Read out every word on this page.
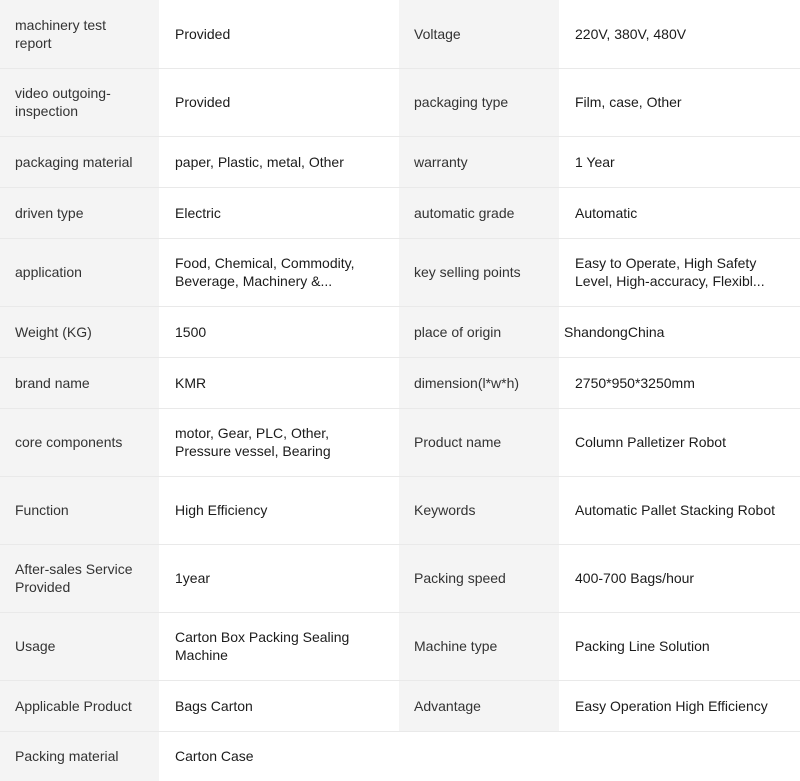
machinery test report	Provided	Voltage	220V, 380V, 480V

video outgoing-inspection	Provided	packaging type	Film, case, Other

packaging material	paper, Plastic, metal, Other	warranty	1 Year

driven type	Electric	automatic grade	Automatic

application	Food, Chemical, Commodity, Beverage, Machinery &...	key selling points	Easy to Operate, High Safety Level, High-accuracy, Flexibl...

Weight (KG)	1500	place of origin	ShandongChina

brand name	KMR	dimension(l*w*h)	2750*950*3250mm

core components	motor, Gear, PLC, Other, Pressure vessel, Bearing	Product name	Column Palletizer Robot

Function	High Efficiency	Keywords	Automatic Pallet Stacking Robot

After-sales Service Provided	1year	Packing speed	400-700 Bags/hour

Usage	Carton Box Packing Sealing Machine	Machine type	Packing Line Solution

Applicable Product	Bags Carton	Advantage	Easy Operation High Efficiency

Packing material	Carton Case		
